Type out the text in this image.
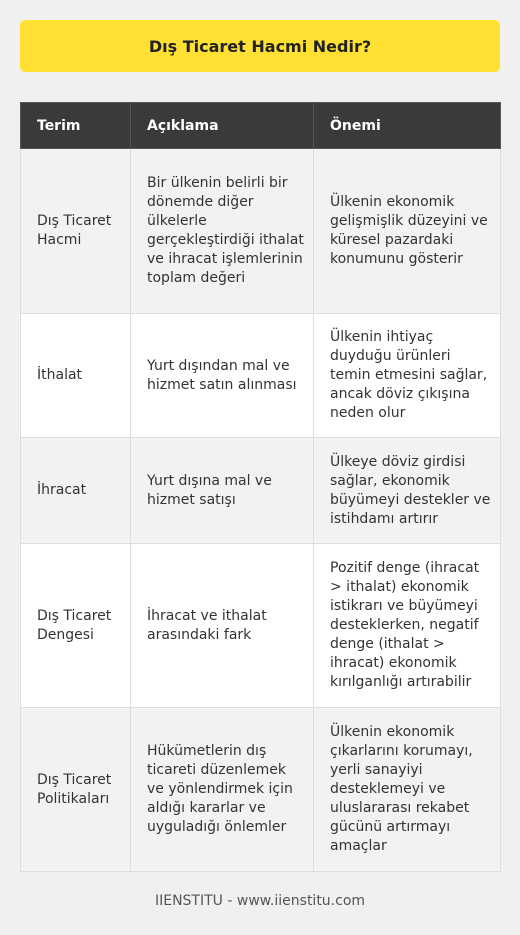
Dış Ticaret Hacmi Nedir?
Terim	Açıklama	Önemi
Dış Ticaret Hacmi	Bir ülkenin belirli bir dönemde diğer ülkelerle gerçekleştirdiği ithalat ve ihracat işlemlerinin toplam değeri	Ülkenin ekonomik gelişmişlik düzeyini ve küresel pazardaki konumunu gösterir
İthalat	Yurt dışından mal ve hizmet satın alınması	Ülkenin ihtiyaç duyduğu ürünleri temin etmesini sağlar, ancak döviz çıkışına neden olur
İhracat	Yurt dışına mal ve hizmet satışı	Ülkeye döviz girdisi sağlar, ekonomik büyümeyi destekler ve istihdamı artırır
Dış Ticaret Dengesi	İhracat ve ithalat arasındaki fark	Pozitif denge (ihracat > ithalat) ekonomik istikrarı ve büyümeyi desteklerken, negatif denge (ithalat > ihracat) ekonomik kırılganlığı artırabilir
Dış Ticaret Politikaları	Hükümetlerin dış ticareti düzenlemek ve yönlendirmek için aldığı kararlar ve uyguladığı önlemler	Ülkenin ekonomik çıkarlarını korumayı, yerli sanayiyi desteklemeyi ve uluslararası rekabet gücünü artırmayı amaçlar
IIENSTITU - www.iienstitu.com
